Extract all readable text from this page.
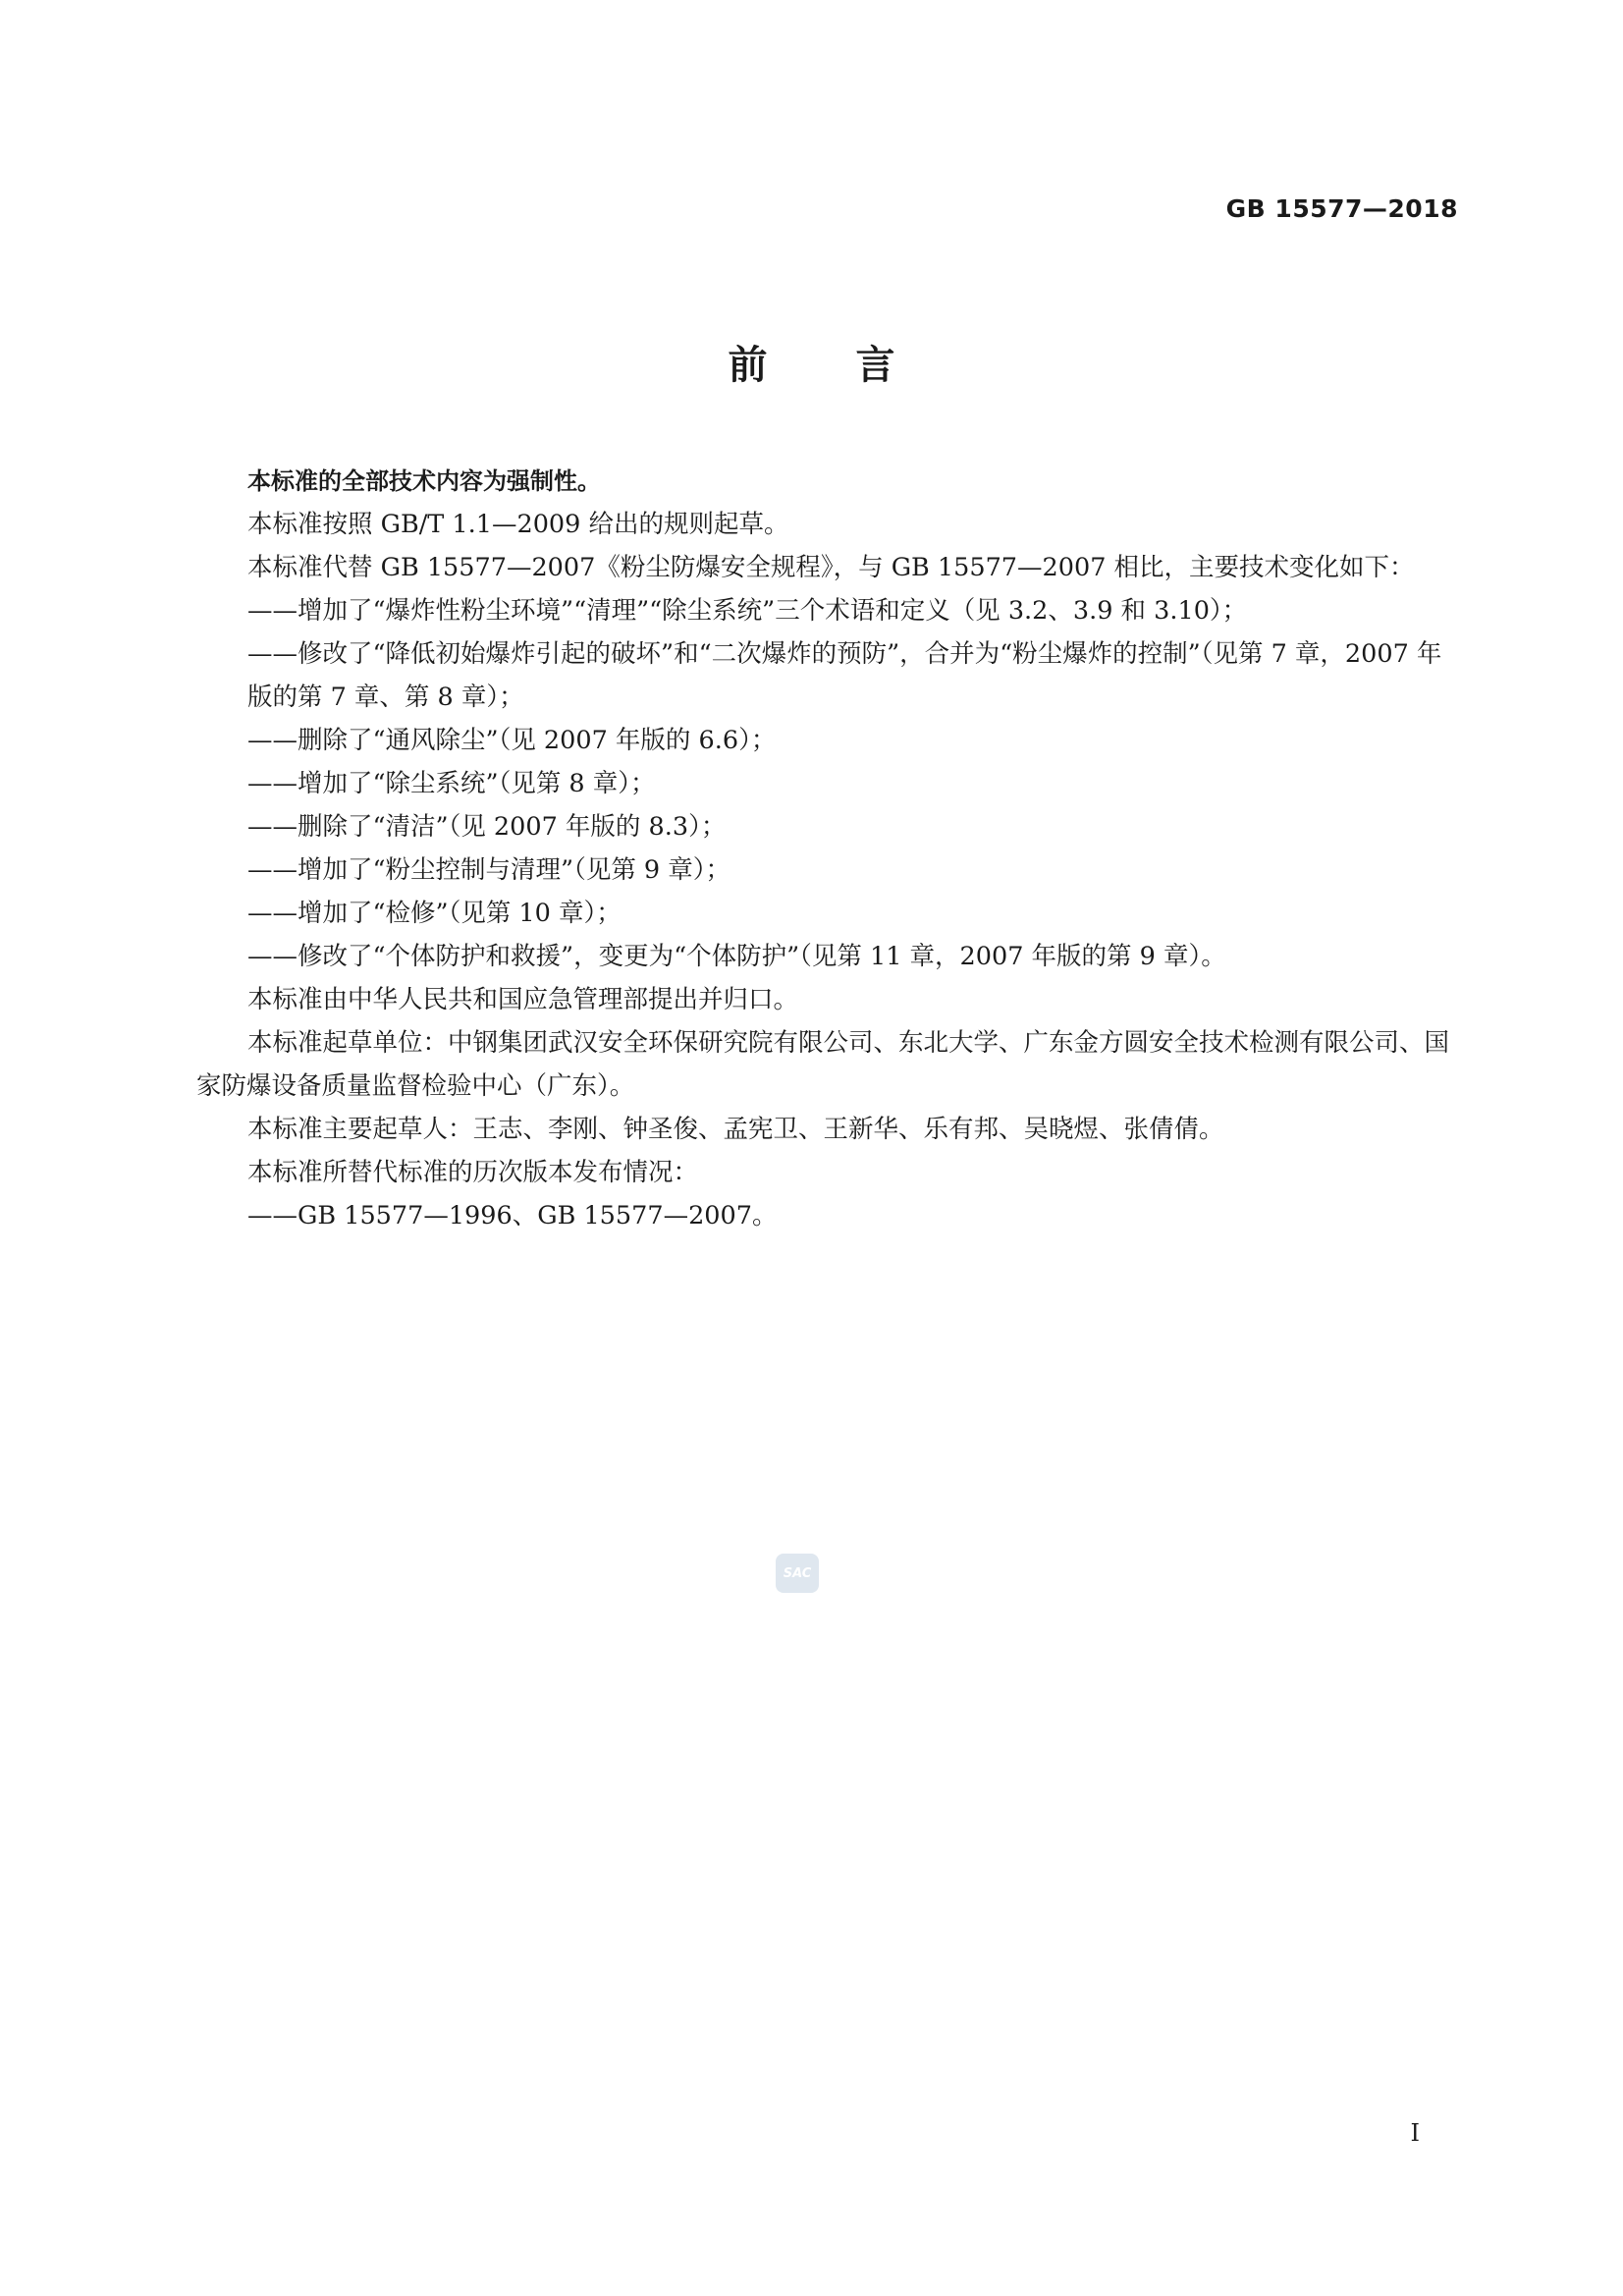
GB 15577—2018
前言

本标准的全部技术内容为强制性。

本标准按照 GB/T 1.1—2009 给出的规则起草。

本标准代替 GB 15577—2007《粉尘防爆安全规程》，与 GB 15577—2007 相比，主要技术变化如下：

——增加了“爆炸性粉尘环境”“清理”“除尘系统”三个术语和定义（见 3.2、3.9 和 3.10）；

——修改了“降低初始爆炸引起的破坏”和“二次爆炸的预防”，合并为“粉尘爆炸的控制”（见第 7 章，2007 年版的第 7 章、第 8 章）；

——删除了“通风除尘”（见 2007 年版的 6.6）；

——增加了“除尘系统”（见第 8 章）；

——删除了“清洁”（见 2007 年版的 8.3）；

——增加了“粉尘控制与清理”（见第 9 章）；

——增加了“检修”（见第 10 章）；

——修改了“个体防护和救援”，变更为“个体防护”（见第 11 章，2007 年版的第 9 章）。

本标准由中华人民共和国应急管理部提出并归口。

本标准起草单位：中钢集团武汉安全环保研究院有限公司、东北大学、广东金方圆安全技术检测有限公司、国家防爆设备质量监督检验中心（广东）。

本标准主要起草人：王志、李刚、钟圣俊、孟宪卫、王新华、乐有邦、吴晓煜、张倩倩。

本标准所替代标准的历次版本发布情况：

——GB 15577—1996、GB 15577—2007。

SAC
Ⅰ
